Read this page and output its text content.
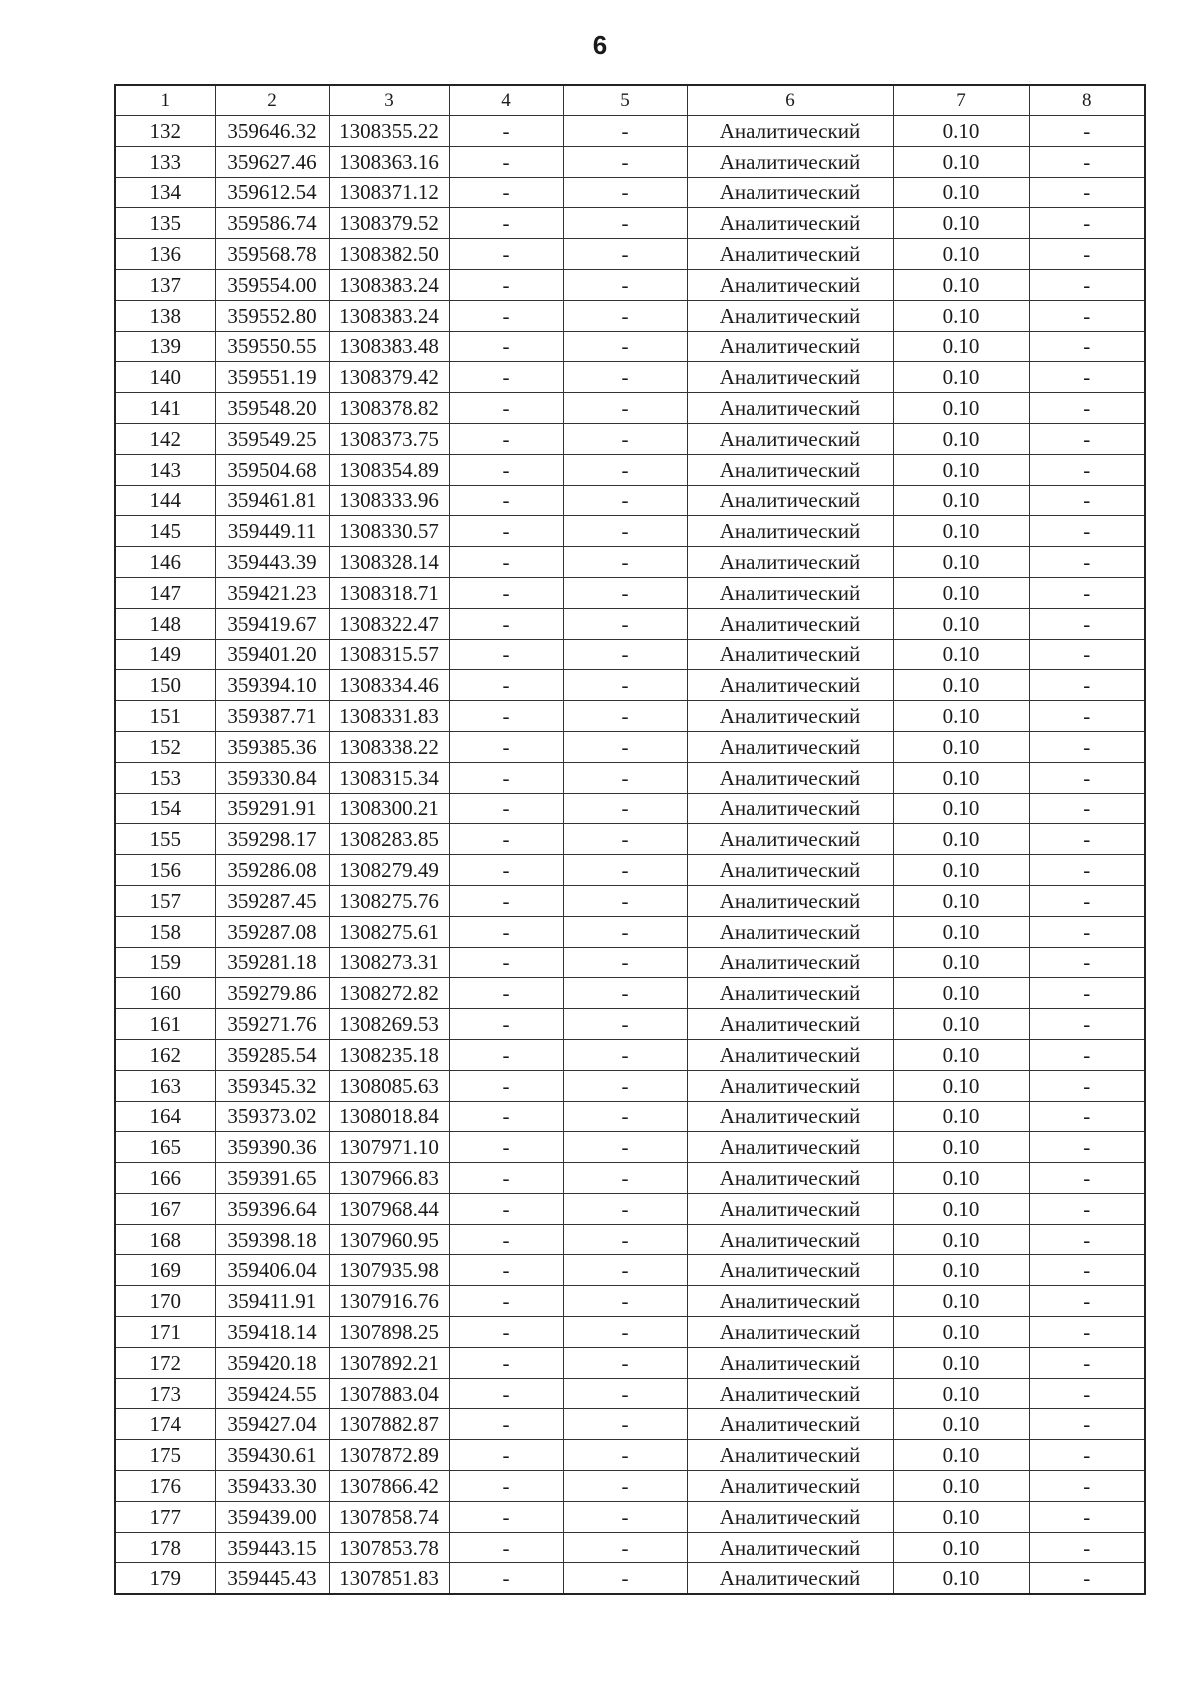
6
1	2	3	4	5	6	7	8
132	359646.32	1308355.22	-	-	Аналитический	0.10	-
133	359627.46	1308363.16	-	-	Аналитический	0.10	-
134	359612.54	1308371.12	-	-	Аналитический	0.10	-
135	359586.74	1308379.52	-	-	Аналитический	0.10	-
136	359568.78	1308382.50	-	-	Аналитический	0.10	-
137	359554.00	1308383.24	-	-	Аналитический	0.10	-
138	359552.80	1308383.24	-	-	Аналитический	0.10	-
139	359550.55	1308383.48	-	-	Аналитический	0.10	-
140	359551.19	1308379.42	-	-	Аналитический	0.10	-
141	359548.20	1308378.82	-	-	Аналитический	0.10	-
142	359549.25	1308373.75	-	-	Аналитический	0.10	-
143	359504.68	1308354.89	-	-	Аналитический	0.10	-
144	359461.81	1308333.96	-	-	Аналитический	0.10	-
145	359449.11	1308330.57	-	-	Аналитический	0.10	-
146	359443.39	1308328.14	-	-	Аналитический	0.10	-
147	359421.23	1308318.71	-	-	Аналитический	0.10	-
148	359419.67	1308322.47	-	-	Аналитический	0.10	-
149	359401.20	1308315.57	-	-	Аналитический	0.10	-
150	359394.10	1308334.46	-	-	Аналитический	0.10	-
151	359387.71	1308331.83	-	-	Аналитический	0.10	-
152	359385.36	1308338.22	-	-	Аналитический	0.10	-
153	359330.84	1308315.34	-	-	Аналитический	0.10	-
154	359291.91	1308300.21	-	-	Аналитический	0.10	-
155	359298.17	1308283.85	-	-	Аналитический	0.10	-
156	359286.08	1308279.49	-	-	Аналитический	0.10	-
157	359287.45	1308275.76	-	-	Аналитический	0.10	-
158	359287.08	1308275.61	-	-	Аналитический	0.10	-
159	359281.18	1308273.31	-	-	Аналитический	0.10	-
160	359279.86	1308272.82	-	-	Аналитический	0.10	-
161	359271.76	1308269.53	-	-	Аналитический	0.10	-
162	359285.54	1308235.18	-	-	Аналитический	0.10	-
163	359345.32	1308085.63	-	-	Аналитический	0.10	-
164	359373.02	1308018.84	-	-	Аналитический	0.10	-
165	359390.36	1307971.10	-	-	Аналитический	0.10	-
166	359391.65	1307966.83	-	-	Аналитический	0.10	-
167	359396.64	1307968.44	-	-	Аналитический	0.10	-
168	359398.18	1307960.95	-	-	Аналитический	0.10	-
169	359406.04	1307935.98	-	-	Аналитический	0.10	-
170	359411.91	1307916.76	-	-	Аналитический	0.10	-
171	359418.14	1307898.25	-	-	Аналитический	0.10	-
172	359420.18	1307892.21	-	-	Аналитический	0.10	-
173	359424.55	1307883.04	-	-	Аналитический	0.10	-
174	359427.04	1307882.87	-	-	Аналитический	0.10	-
175	359430.61	1307872.89	-	-	Аналитический	0.10	-
176	359433.30	1307866.42	-	-	Аналитический	0.10	-
177	359439.00	1307858.74	-	-	Аналитический	0.10	-
178	359443.15	1307853.78	-	-	Аналитический	0.10	-
179	359445.43	1307851.83	-	-	Аналитический	0.10	-
